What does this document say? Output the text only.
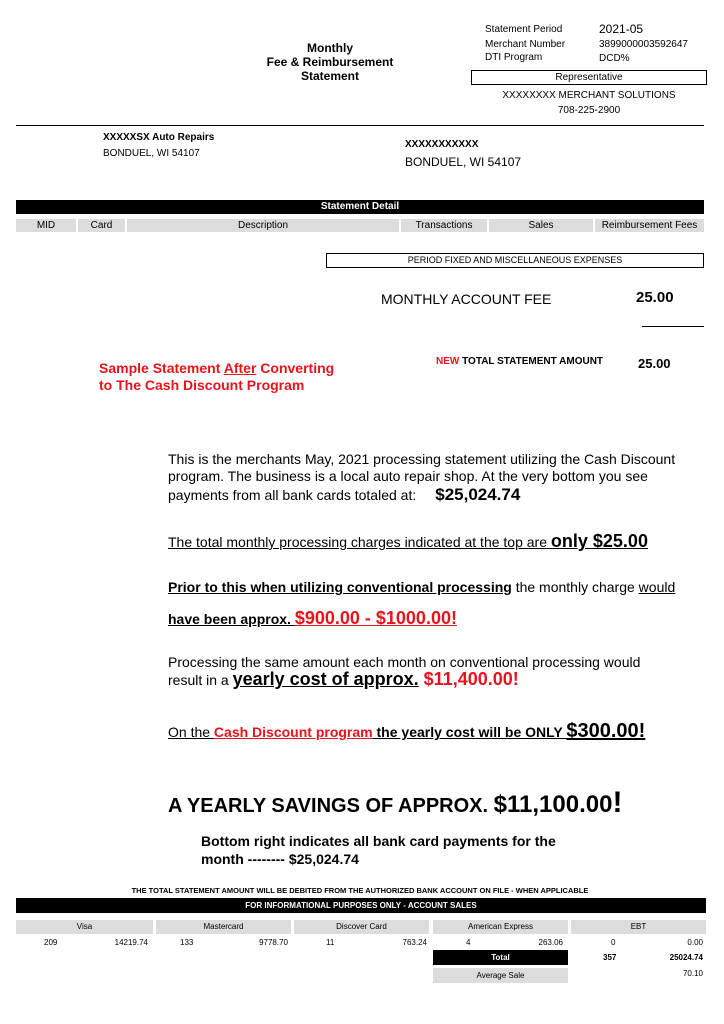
Monthly
Fee & Reimbursement
Statement
Statement Period	2021-05
Merchant Number	3899000003592647
DTI Program	DCD%
Representative
XXXXXXXX MERCHANT SOLUTIONS
708-225-2900
XXXXXSX Auto Repairs
BONDUEL, WI 54107
XXXXXXXXXXX
BONDUEL, WI 54107
Statement Detail
MID	Card	Description	Transactions	Sales	Reimbursement Fees
PERIOD FIXED AND MISCELLANEOUS EXPENSES
MONTHLY ACCOUNT FEE	25.00
NEW TOTAL STATEMENT AMOUNT	25.00
Sample Statement After Converting
to The Cash Discount Program
This is the merchants May, 2021 processing statement utilizing the Cash Discount
program. The business is a local auto repair shop. At the very bottom you see
payments from all bank cards totaled at: $25,024.74
The total monthly processing charges indicated at the top are only $25.00
Prior to this when utilizing conventional processing the monthly charge would
have been approx. $900.00 - $1000.00!
Processing the same amount each month on conventional processing would
result in a yearly cost of approx. $11,400.00!
On the Cash Discount program the yearly cost will be ONLY $300.00!
A YEARLY SAVINGS OF APPROX. $11,100.00!
Bottom right indicates all bank card payments for the
month -------- $25,024.74
THE TOTAL STATEMENT AMOUNT WILL BE DEBITED FROM THE AUTHORIZED BANK ACCOUNT ON FILE - WHEN APPLICABLE
FOR INFORMATIONAL PURPOSES ONLY - ACCOUNT SALES
Visa	Mastercard	Discover Card	American Express	EBT
209	14219.74	133	9778.70	11	763.24	4	263.06	0	0.00
Total	357	25024.74
Average Sale	70.10
